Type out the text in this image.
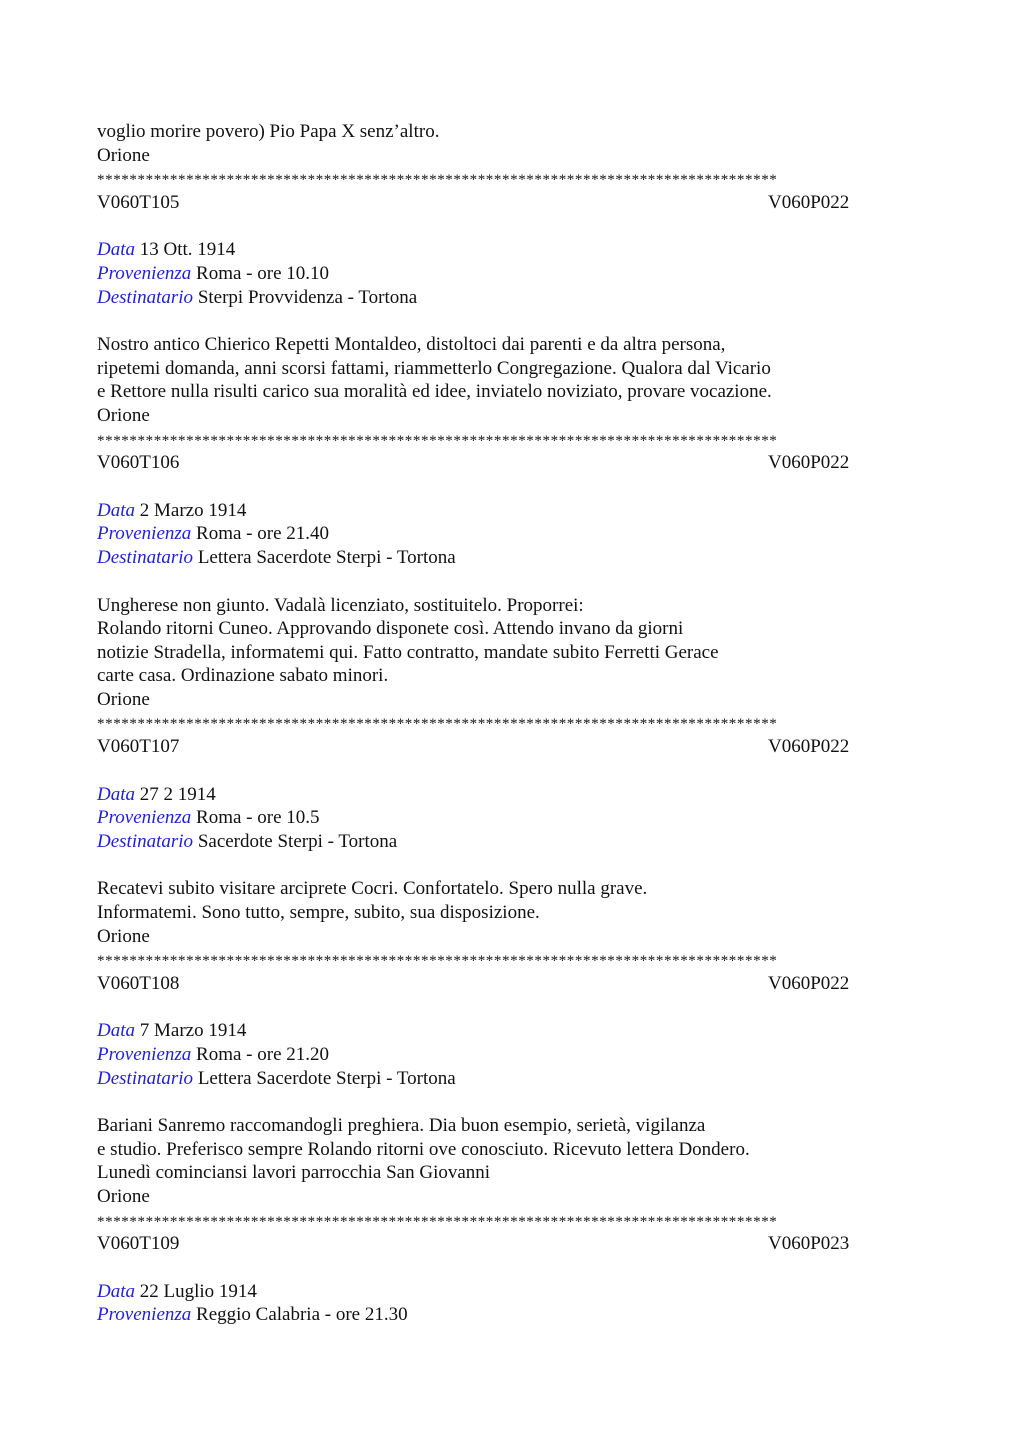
voglio morire povero) Pio Papa X senz’altro.
Orione
************************************************************************************
V060T105	V060P022
Data 13 Ott. 1914
Provenienza Roma - ore 10.10
Destinatario Sterpi Provvidenza - Tortona
Nostro antico Chierico Repetti Montaldeo, distoltoci dai parenti e da altra persona,
ripetemi domanda, anni scorsi fattami, riammetterlo Congregazione. Qualora dal Vicario
e Rettore nulla risulti carico sua moralità ed idee, inviatelo noviziato, provare vocazione.
Orione
************************************************************************************
V060T106	V060P022
Data 2 Marzo 1914
Provenienza Roma - ore 21.40
Destinatario Lettera Sacerdote Sterpi - Tortona
Ungherese non giunto. Vadalà licenziato, sostituitelo. Proporrei:
Rolando ritorni Cuneo. Approvando disponete così. Attendo invano da giorni
notizie Stradella, informatemi qui. Fatto contratto, mandate subito Ferretti Gerace
carte casa. Ordinazione sabato minori.
Orione
************************************************************************************
V060T107	V060P022
Data 27 2 1914
Provenienza Roma - ore 10.5
Destinatario Sacerdote Sterpi - Tortona
Recatevi subito visitare arciprete Cocri. Confortatelo. Spero nulla grave.
Informatemi. Sono tutto, sempre, subito, sua disposizione.
Orione
************************************************************************************
V060T108	V060P022
Data 7 Marzo 1914
Provenienza Roma - ore 21.20
Destinatario Lettera Sacerdote Sterpi - Tortona
Bariani Sanremo raccomandogli preghiera. Dia buon esempio, serietà, vigilanza
e studio. Preferisco sempre Rolando ritorni ove conosciuto. Ricevuto lettera Dondero.
Lunedì cominciansi lavori parrocchia San Giovanni
Orione
************************************************************************************
V060T109	V060P023
Data 22 Luglio 1914
Provenienza Reggio Calabria - ore 21.30
